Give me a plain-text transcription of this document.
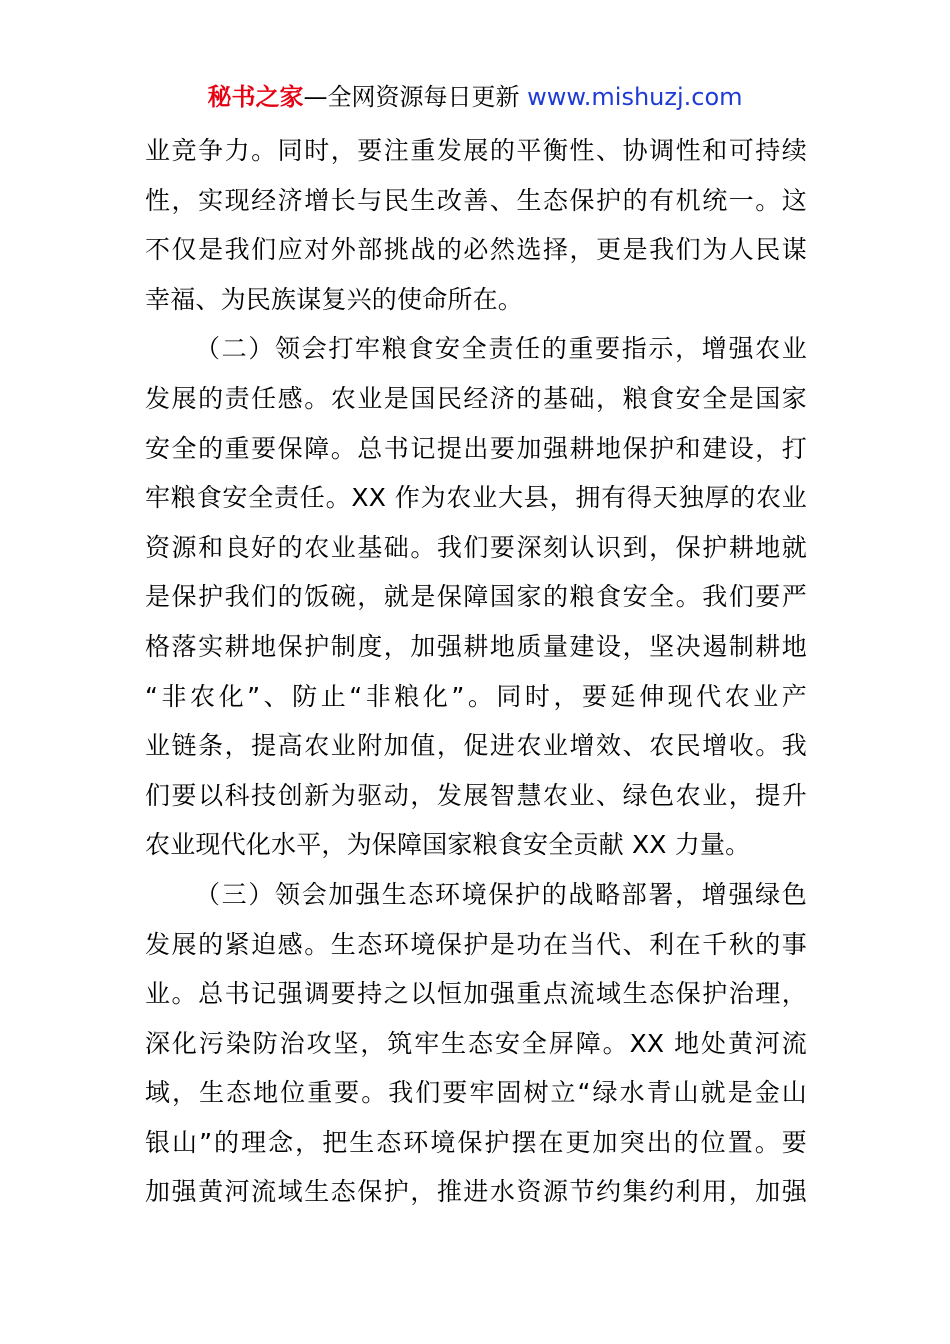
秘书之家—全网资源每日更新 www.mishuzj.com
业竞争力。同时，要注重发展的平衡性、协调性和可持续
性，实现经济增长与民生改善、生态保护的有机统一。这
不仅是我们应对外部挑战的必然选择，更是我们为人民谋
幸福、为民族谋复兴的使命所在。
（二）领会打牢粮食安全责任的重要指示，增强农业
发展的责任感。农业是国民经济的基础，粮食安全是国家
安全的重要保障。总书记提出要加强耕地保护和建设，打
牢粮食安全责任。XX 作为农业大县，拥有得天独厚的农业
资源和良好的农业基础。我们要深刻认识到，保护耕地就
是保护我们的饭碗，就是保障国家的粮食安全。我们要严
格落实耕地保护制度，加强耕地质量建设，坚决遏制耕地
“非农化”、防止“非粮化”。同时，要延伸现代农业产
业链条，提高农业附加值，促进农业增效、农民增收。我
们要以科技创新为驱动，发展智慧农业、绿色农业，提升
农业现代化水平，为保障国家粮食安全贡献 XX 力量。
（三）领会加强生态环境保护的战略部署，增强绿色
发展的紧迫感。生态环境保护是功在当代、利在千秋的事
业。总书记强调要持之以恒加强重点流域生态保护治理，
深化污染防治攻坚，筑牢生态安全屏障。XX 地处黄河流
域，生态地位重要。我们要牢固树立“绿水青山就是金山
银山”的理念，把生态环境保护摆在更加突出的位置。要
加强黄河流域生态保护，推进水资源节约集约利用，加强
